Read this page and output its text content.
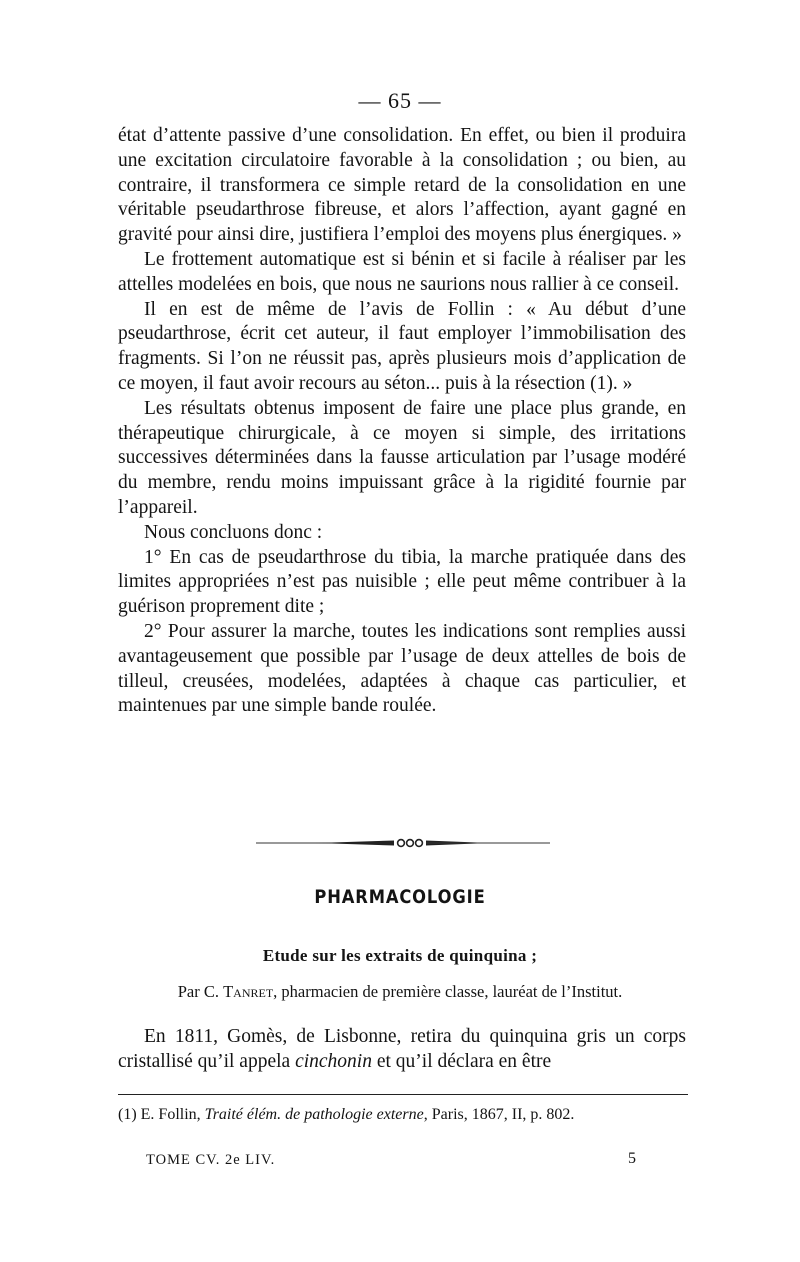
— 65 —

état d’attente passive d’une consolidation. En effet, ou bien il produira une excitation circulatoire favorable à la consolidation ; ou bien, au contraire, il transformera ce simple retard de la consolidation en une véritable pseudarthrose fibreuse, et alors l’affection, ayant gagné en gravité pour ainsi dire, justifiera l’emploi des moyens plus énergiques. »

Le frottement automatique est si bénin et si facile à réaliser par les attelles modelées en bois, que nous ne saurions nous rallier à ce conseil.

Il en est de même de l’avis de Follin : « Au début d’une pseudarthrose, écrit cet auteur, il faut employer l’immobilisation des fragments. Si l’on ne réussit pas, après plusieurs mois d’application de ce moyen, il faut avoir recours au séton... puis à la résection (1). »

Les résultats obtenus imposent de faire une place plus grande, en thérapeutique chirurgicale, à ce moyen si simple, des irritations successives déterminées dans la fausse articulation par l’usage modéré du membre, rendu moins impuissant grâce à la rigidité fournie par l’appareil.

Nous concluons donc :

1° En cas de pseudarthrose du tibia, la marche pratiquée dans des limites appropriées n’est pas nuisible ; elle peut même contribuer à la guérison proprement dite ;

2° Pour assurer la marche, toutes les indications sont remplies aussi avantageusement que possible par l’usage de deux attelles de bois de tilleul, creusées, modelées, adaptées à chaque cas particulier, et maintenues par une simple bande roulée.

PHARMACOLOGIE
Etude sur les extraits de quinquina ;
Par C. Tanret, pharmacien de première classe, lauréat de l’Institut.

En 1811, Gomès, de Lisbonne, retira du quinquina gris un corps cristallisé qu’il appela cinchonin et qu’il déclara en être

(1) E. Follin, Traité élém. de pathologie externe, Paris, 1867, II, p. 802.
TOME CV. 2e LIV.	5
